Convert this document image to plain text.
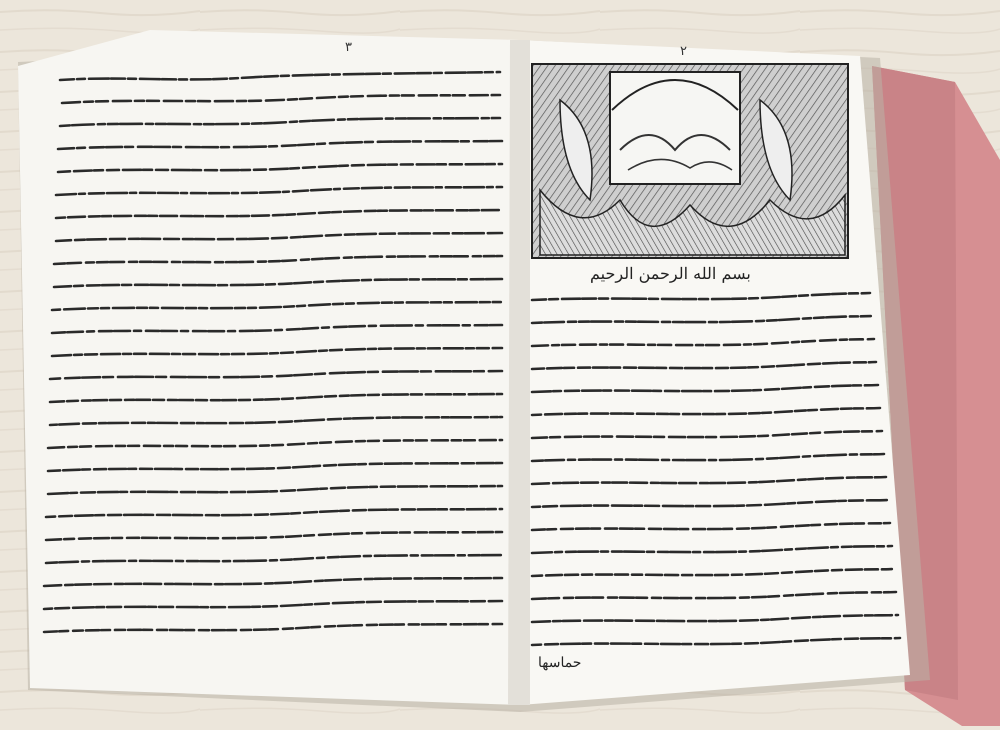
٣	٢
بسم الله الرحمن الرحيم
حماسها
